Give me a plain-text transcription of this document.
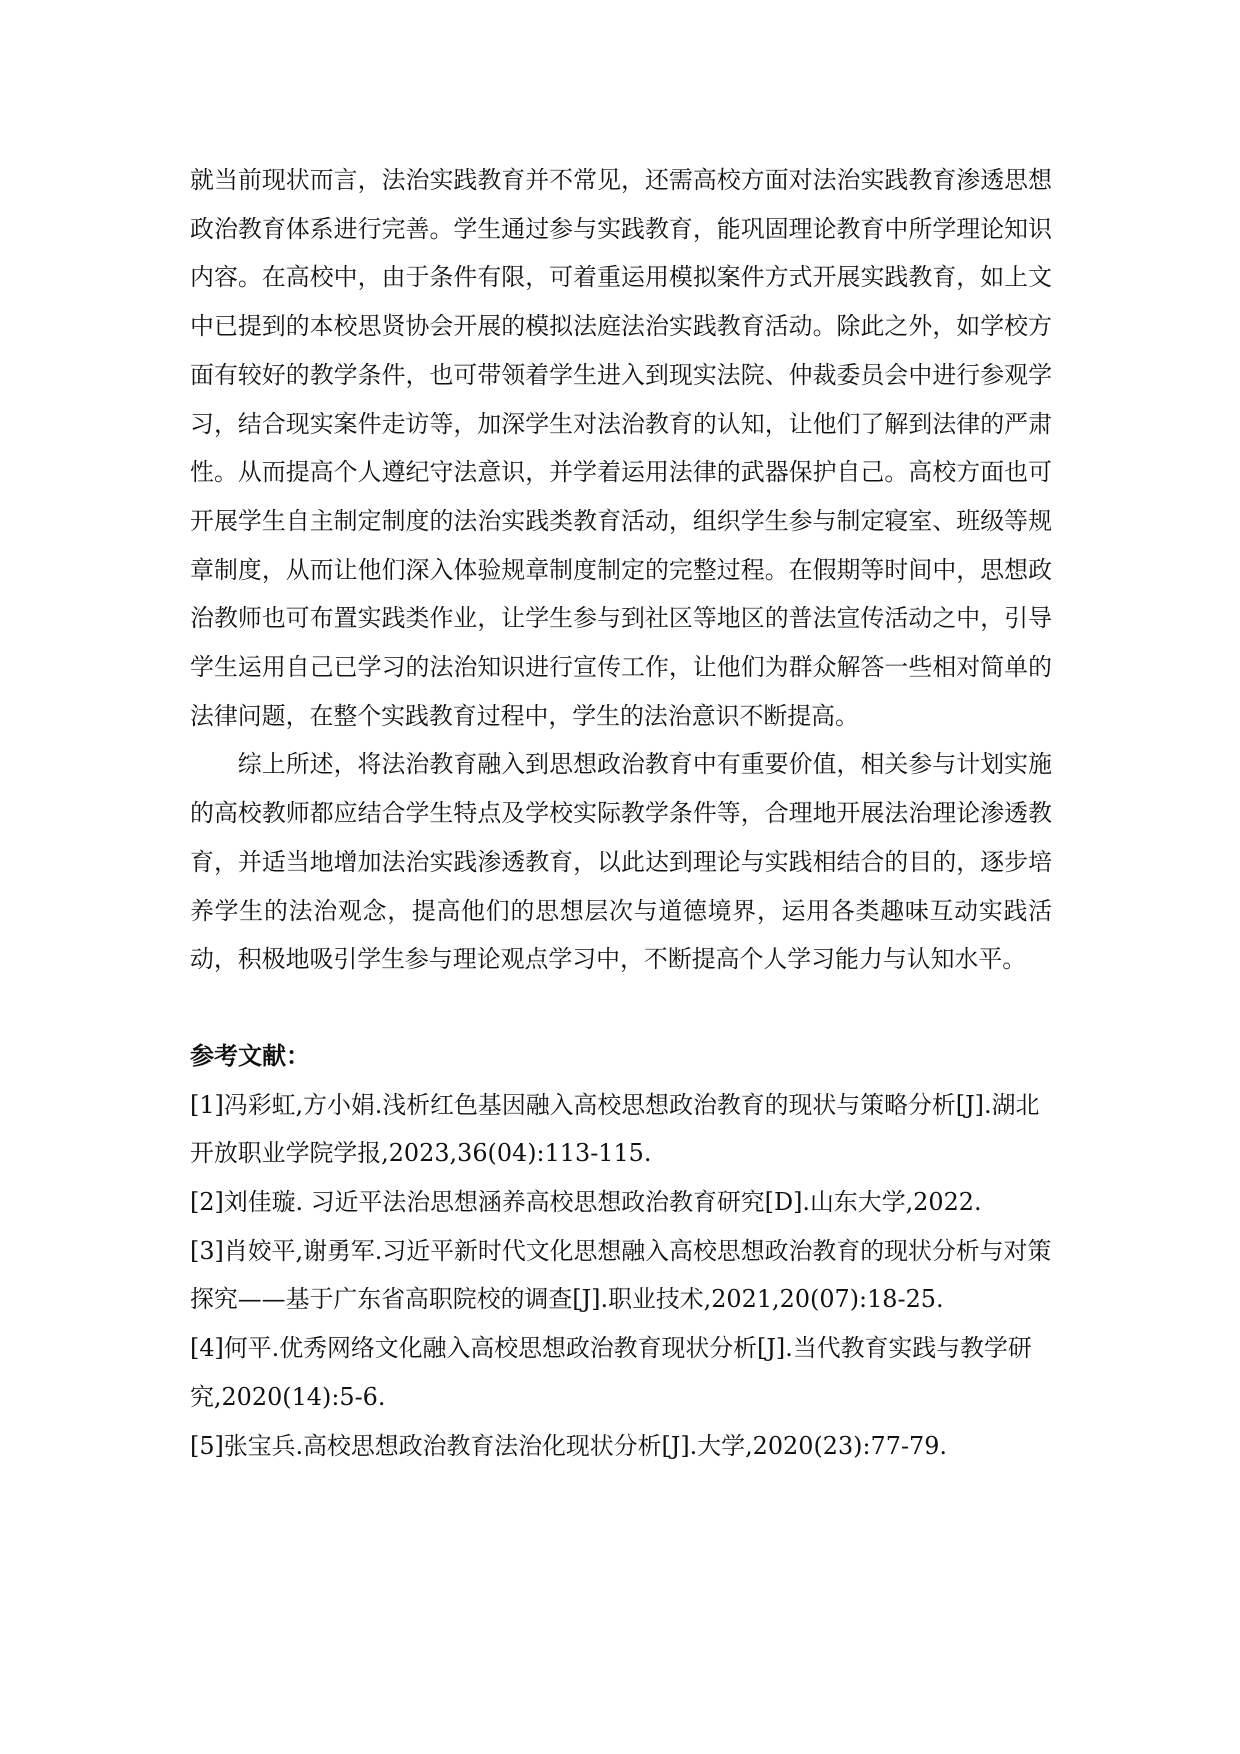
就当前现状而言，法治实践教育并不常见，还需高校方面对法治实践教育渗透思想政治教育体系进行完善。学生通过参与实践教育，能巩固理论教育中所学理论知识内容。在高校中，由于条件有限，可着重运用模拟案件方式开展实践教育，如上文中已提到的本校思贤协会开展的模拟法庭法治实践教育活动。除此之外，如学校方面有较好的教学条件，也可带领着学生进入到现实法院、仲裁委员会中进行参观学习，结合现实案件走访等，加深学生对法治教育的认知，让他们了解到法律的严肃性。从而提高个人遵纪守法意识，并学着运用法律的武器保护自己。高校方面也可开展学生自主制定制度的法治实践类教育活动，组织学生参与制定寝室、班级等规章制度，从而让他们深入体验规章制度制定的完整过程。在假期等时间中，思想政治教师也可布置实践类作业，让学生参与到社区等地区的普法宣传活动之中，引导学生运用自己已学习的法治知识进行宣传工作，让他们为群众解答一些相对简单的法律问题，在整个实践教育过程中，学生的法治意识不断提高。

综上所述，将法治教育融入到思想政治教育中有重要价值，相关参与计划实施的高校教师都应结合学生特点及学校实际教学条件等，合理地开展法治理论渗透教育，并适当地增加法治实践渗透教育，以此达到理论与实践相结合的目的，逐步培养学生的法治观念，提高他们的思想层次与道德境界，运用各类趣味互动实践活动，积极地吸引学生参与理论观点学习中，不断提高个人学习能力与认知水平。

参考文献：

[1]冯彩虹,方小娟.浅析红色基因融入高校思想政治教育的现状与策略分析[J].湖北开放职业学院学报,2023,36(04):113-115.

[2]刘佳璇. 习近平法治思想涵养高校思想政治教育研究[D].山东大学,2022.

[3]肖姣平,谢勇军.习近平新时代文化思想融入高校思想政治教育的现状分析与对策探究——基于广东省高职院校的调查[J].职业技术,2021,20(07):18-25.

[4]何平.优秀网络文化融入高校思想政治教育现状分析[J].当代教育实践与教学研究,2020(14):5-6.

[5]张宝兵.高校思想政治教育法治化现状分析[J].大学,2020(23):77-79.
